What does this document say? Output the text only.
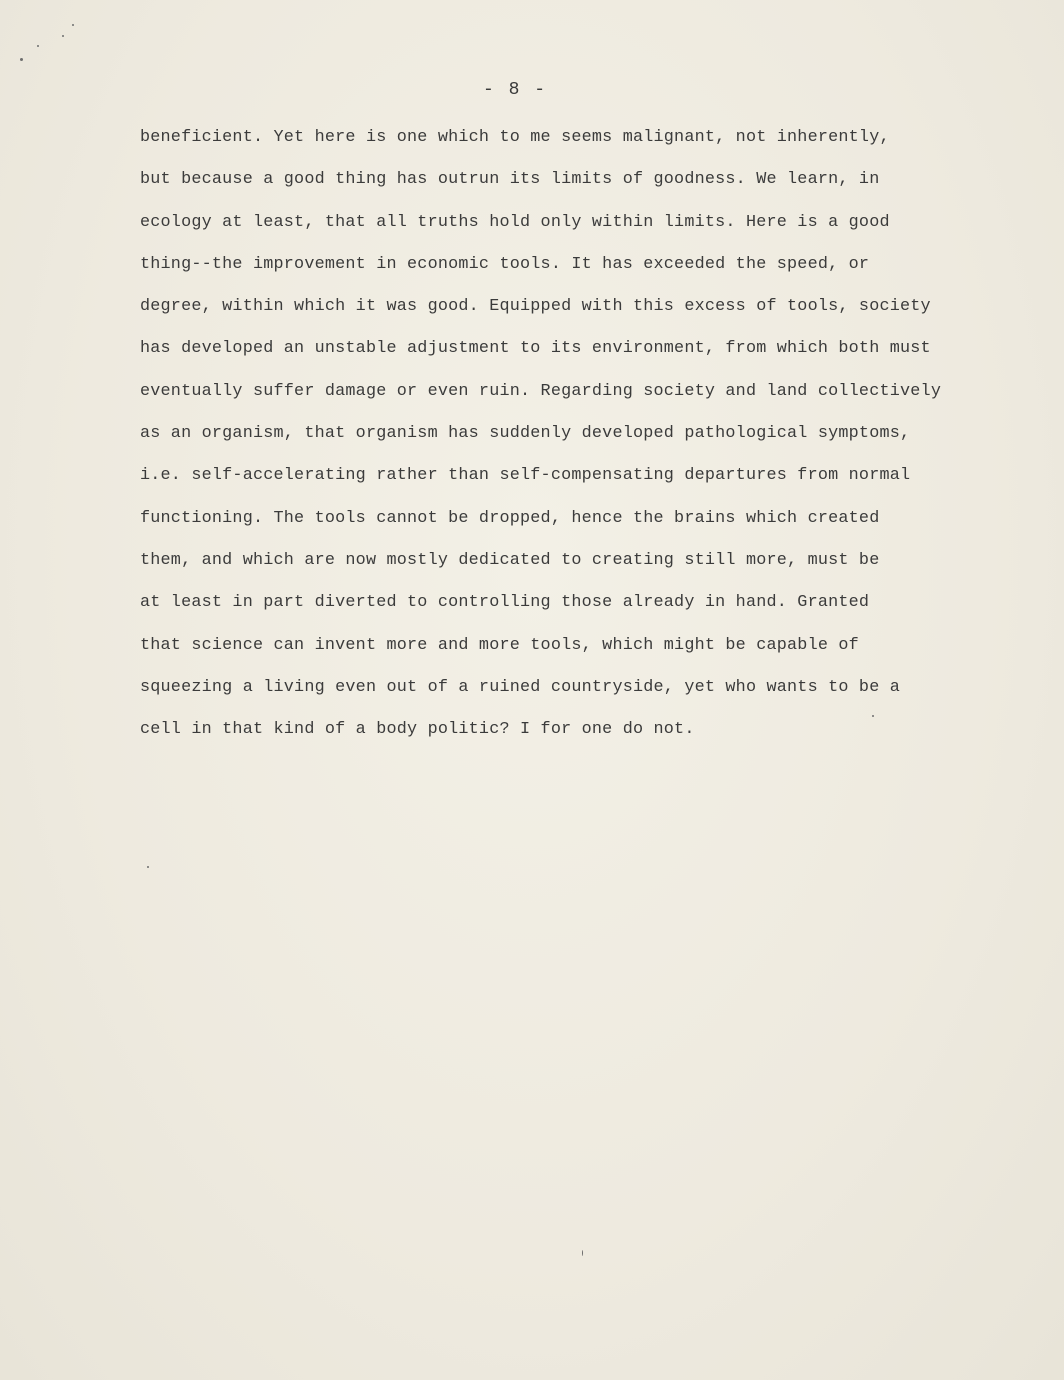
- 8 -
beneficient. Yet here is one which to me seems malignant, not inherently,
but because a good thing has outrun its limits of goodness. We learn, in
ecology at least, that all truths hold only within limits. Here is a good
thing--the improvement in economic tools. It has exceeded the speed, or
degree, within which it was good. Equipped with this excess of tools, society
has developed an unstable adjustment to its environment, from which both must
eventually suffer damage or even ruin. Regarding society and land collectively
as an organism, that organism has suddenly developed pathological symptoms,
i.e. self-accelerating rather than self-compensating departures from normal
functioning. The tools cannot be dropped, hence the brains which created
them, and which are now mostly dedicated to creating still more, must be
at least in part diverted to controlling those already in hand. Granted
that science can invent more and more tools, which might be capable of
squeezing a living even out of a ruined countryside, yet who wants to be a
cell in that kind of a body politic? I for one do not.
